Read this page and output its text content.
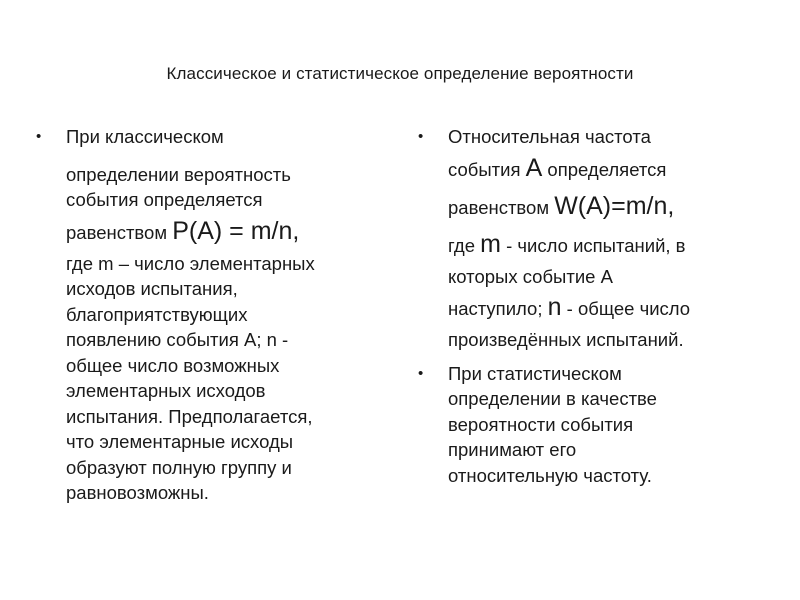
Классическое и статистическое определение вероятности
• При классическом
определении вероятность
события определяется
равенством P(A) = m/n,
где m – число элементарных
исходов испытания,
благоприятствующих
появлению события А; n -
общее число возможных
элементарных исходов
испытания. Предполагается,
что элементарные исходы
образуют полную группу и
равновозможны.
• Относительная частота
события А определяется
равенством W(A)=m/n,
где m - число испытаний, в
которых событие А
наступило; n - общее число
произведённых испытаний.
• При статистическом
определении в качестве
вероятности события
принимают его
относительную частоту.
